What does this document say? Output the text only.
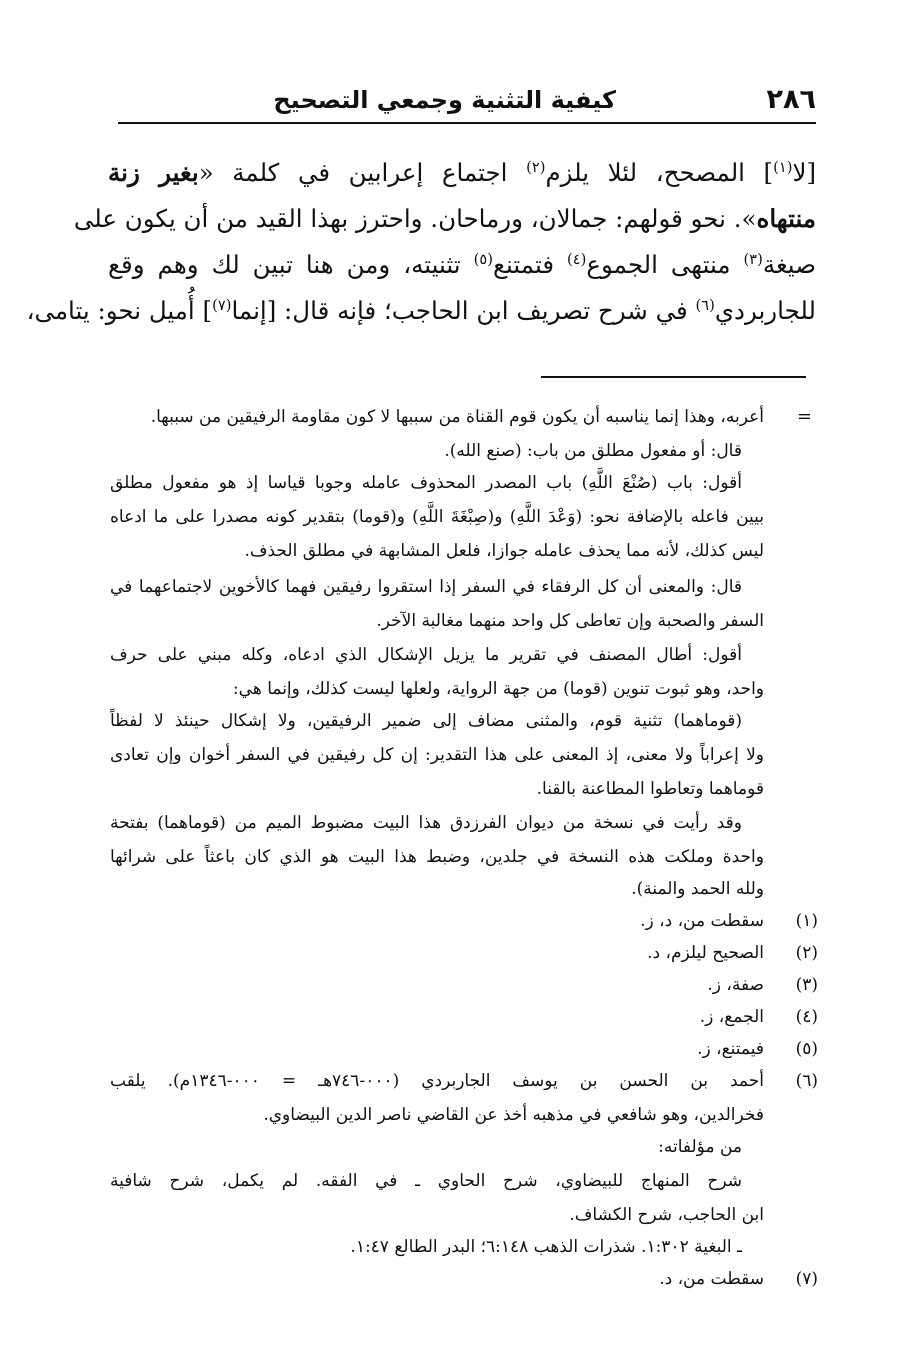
٢٨٦
كيفية التثنية وجمعي التصحيح

[لا$^{(١)}$] المصحح، لئلا يلزم$^{(٢)}$ اجتماع إعرابين في كلمة «بغير زنة
منتهاه». نحو قولهم: جمالان، ورماحان. واحترز بهذا القيد من أن يكون على
صيغة$^{(٣)}$ منتهى الجموع$^{(٤)}$ فتمتنع$^{(٥)}$ تثنيته، ومن هنا تبين لك وهم وقع
للجاربردي$^{(٦)}$ في شرح تصريف ابن الحاجب؛ فإنه قال: [إنما$^{(٧)}$] أُميل نحو: يتامى،

=
أعربه، وهذا إنما يناسبه أن يكون قوم القناة من سببها لا كون مقاومة الرفيقين من سببها.
قال: أو مفعول مطلق من باب: (صنع الله).
أقول: باب (صُنْعَ اللَّهِ) باب المصدر المحذوف عامله وجوبا قياسا إذ هو مفعول مطلق
بيين فاعله بالإضافة نحو: (وَعْدَ اللَّهِ) و(صِبْغَةَ اللَّهِ) و(قوما) بتقدير كونه مصدرا على ما ادعاه
ليس كذلك، لأنه مما يحذف عامله جوازا، فلعل المشابهة في مطلق الحذف.
قال: والمعنى أن كل الرفقاء في السفر إذا استقروا رفيقين فهما كالأخوين لاجتماعهما في
السفر والصحبة وإن تعاطى كل واحد منهما مغالبة الآخر.
أقول: أطال المصنف في تقرير ما يزيل الإشكال الذي ادعاه، وكله مبني على حرف
واحد، وهو ثبوت تنوين (قوما) من جهة الرواية، ولعلها ليست كذلك، وإنما هي:
(قوماهما) تثنية قوم، والمثنى مضاف إلى ضمير الرفيقين، ولا إشكال حينئذ لا لفظاً
ولا إعراباً ولا معنى، إذ المعنى على هذا التقدير: إن كل رفيقين في السفر أخوان وإن تعادى
قوماهما وتعاطوا المطاعنة بالقنا.
وقد رأيت في نسخة من ديوان الفرزدق هذا البيت مضبوط الميم من (قوماهما) بفتحة
واحدة وملكت هذه النسخة في جلدين، وضبط هذا البيت هو الذي كان باعثاً على شرائها
ولله الحمد والمنة).
(١)
سقطت من، د، ز.
(٢)
الصحيح ليلزم، د.
(٣)
صفة، ز.
(٤)
الجمع، ز.
(٥)
فيمتنع، ز.
(٦)
أحمد بن الحسن بن يوسف الجاربردي (٠٠٠-٧٤٦هـ = ٠٠٠-١٣٤٦م). يلقب
فخرالدين، وهو شافعي في مذهبه أخذ عن القاضي ناصر الدين البيضاوي.
من مؤلفاته:
شرح المنهاج للبيضاوي، شرح الحاوي ـ في الفقه. لم يكمل، شرح شافية
ابن الحاجب، شرح الكشاف.
ـ البغية ١:٣٠٢. شذرات الذهب ٦:١٤٨؛ البدر الطالع ١:٤٧.
(٧)
سقطت من، د.
